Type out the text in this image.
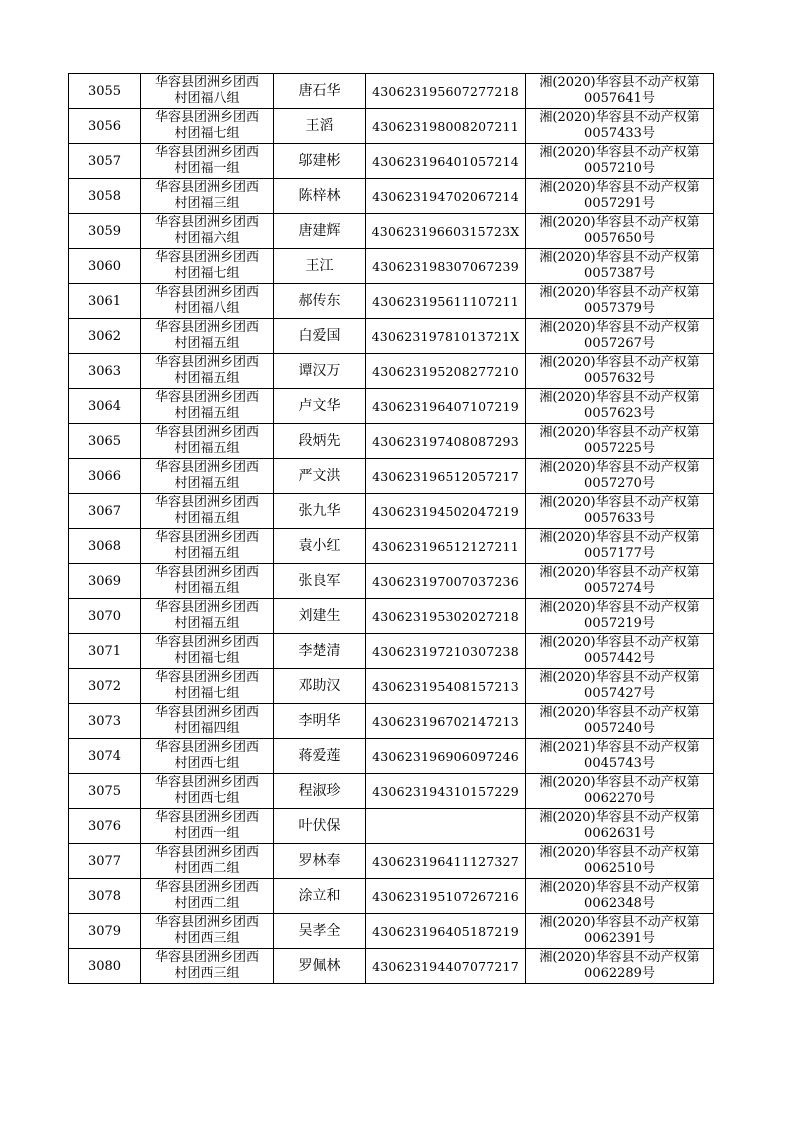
3055	华容县团洲乡团西
村团福八组	唐石华	430623195607277218	湘(2020)华容县不动产权第
0057641号

3056	华容县团洲乡团西
村团福七组	王滔	430623198008207211	湘(2020)华容县不动产权第
0057433号

3057	华容县团洲乡团西
村团福一组	邬建彬	430623196401057214	湘(2020)华容县不动产权第
0057210号

3058	华容县团洲乡团西
村团福三组	陈梓林	430623194702067214	湘(2020)华容县不动产权第
0057291号

3059	华容县团洲乡团西
村团福六组	唐建辉	43062319660315723X	湘(2020)华容县不动产权第
0057650号

3060	华容县团洲乡团西
村团福七组	王江	430623198307067239	湘(2020)华容县不动产权第
0057387号

3061	华容县团洲乡团西
村团福八组	郝传东	430623195611107211	湘(2020)华容县不动产权第
0057379号

3062	华容县团洲乡团西
村团福五组	白爱国	43062319781013721X	湘(2020)华容县不动产权第
0057267号

3063	华容县团洲乡团西
村团福五组	谭汉万	430623195208277210	湘(2020)华容县不动产权第
0057632号

3064	华容县团洲乡团西
村团福五组	卢文华	430623196407107219	湘(2020)华容县不动产权第
0057623号

3065	华容县团洲乡团西
村团福五组	段炳先	430623197408087293	湘(2020)华容县不动产权第
0057225号

3066	华容县团洲乡团西
村团福五组	严文洪	430623196512057217	湘(2020)华容县不动产权第
0057270号

3067	华容县团洲乡团西
村团福五组	张九华	430623194502047219	湘(2020)华容县不动产权第
0057633号

3068	华容县团洲乡团西
村团福五组	袁小红	430623196512127211	湘(2020)华容县不动产权第
0057177号

3069	华容县团洲乡团西
村团福五组	张良军	430623197007037236	湘(2020)华容县不动产权第
0057274号

3070	华容县团洲乡团西
村团福五组	刘建生	430623195302027218	湘(2020)华容县不动产权第
0057219号

3071	华容县团洲乡团西
村团福七组	李楚清	430623197210307238	湘(2020)华容县不动产权第
0057442号

3072	华容县团洲乡团西
村团福七组	邓助汉	430623195408157213	湘(2020)华容县不动产权第
0057427号

3073	华容县团洲乡团西
村团福四组	李明华	430623196702147213	湘(2020)华容县不动产权第
0057240号

3074	华容县团洲乡团西
村团西七组	蒋爱莲	430623196906097246	湘(2021)华容县不动产权第
0045743号

3075	华容县团洲乡团西
村团西七组	程淑珍	430623194310157229	湘(2020)华容县不动产权第
0062270号

3076	华容县团洲乡团西
村团西一组	叶伏保		湘(2020)华容县不动产权第
0062631号

3077	华容县团洲乡团西
村团西二组	罗林奉	430623196411127327	湘(2020)华容县不动产权第
0062510号

3078	华容县团洲乡团西
村团西二组	涂立和	430623195107267216	湘(2020)华容县不动产权第
0062348号

3079	华容县团洲乡团西
村团西三组	吴孝全	430623196405187219	湘(2020)华容县不动产权第
0062391号

3080	华容县团洲乡团西
村团西三组	罗佩林	430623194407077217	湘(2020)华容县不动产权第
0062289号
